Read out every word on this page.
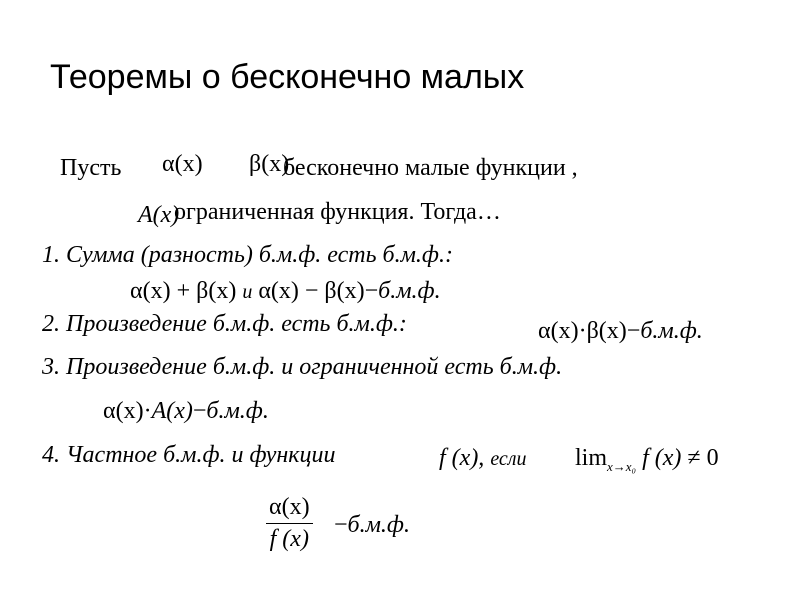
Теоремы о бесконечно малых
Пусть α(x) β(x)
бесконечно малые функции ,
A(x)
ограниченная функция. Тогда…
1. Сумма (разность) б.м.ф. есть б.м.ф.:
α(x) + β(x) и α(x) − β(x)−б.м.ф.
2. Произведение б.м.ф. есть б.м.ф.:	α(x)·β(x)−б.м.ф.
3. Произведение б.м.ф. и ограниченной есть б.м.ф.
α(x)·A(x)−б.м.ф.
4. Частное б.м.ф. и функции	f (x), если $\lim_{x\to x_0} f$ (x) ≠ 0
α(x)
f (x)
−б.м.ф.
